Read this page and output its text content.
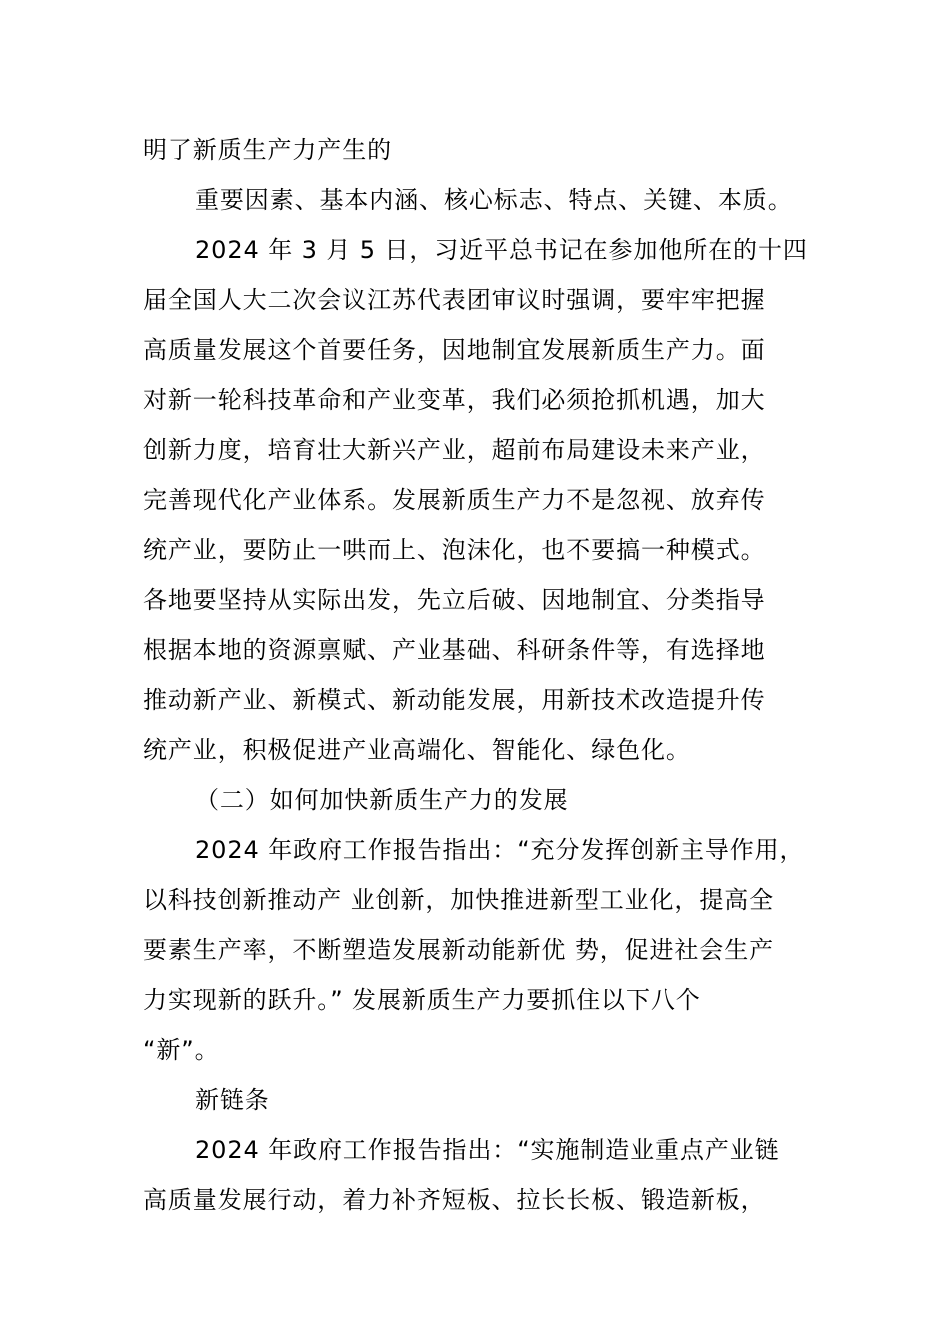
明了新质生产力产生的
重要因素、基本内涵、核心标志、特点、关键、本质。
2024 年 3 月 5 日，习近平总书记在参加他所在的十四
届全国人大二次会议江苏代表团审议时强调，要牢牢把握
高质量发展这个首要任务，因地制宜发展新质生产力。面
对新一轮科技革命和产业变革，我们必须抢抓机遇，加大
创新力度，培育壮大新兴产业，超前布局建设未来产业，
完善现代化产业体系。发展新质生产力不是忽视、放弃传
统产业，要防止一哄而上、泡沫化，也不要搞一种模式。
各地要坚持从实际出发，先立后破、因地制宜、分类指导
根据本地的资源禀赋、产业基础、科研条件等，有选择地
推动新产业、新模式、新动能发展，用新技术改造提升传
统产业，积极促进产业高端化、智能化、绿色化。
（二）如何加快新质生产力的发展
2024 年政府工作报告指出：“充分发挥创新主导作用，
以科技创新推动产 业创新，加快推进新型工业化，提高全
要素生产率，不断塑造发展新动能新优 势，促进社会生产
力实现新的跃升。” 发展新质生产力要抓住以下八个
“新”。
新链条
2024 年政府工作报告指出：“实施制造业重点产业链
高质量发展行动，着力补齐短板、拉长长板、锻造新板，
